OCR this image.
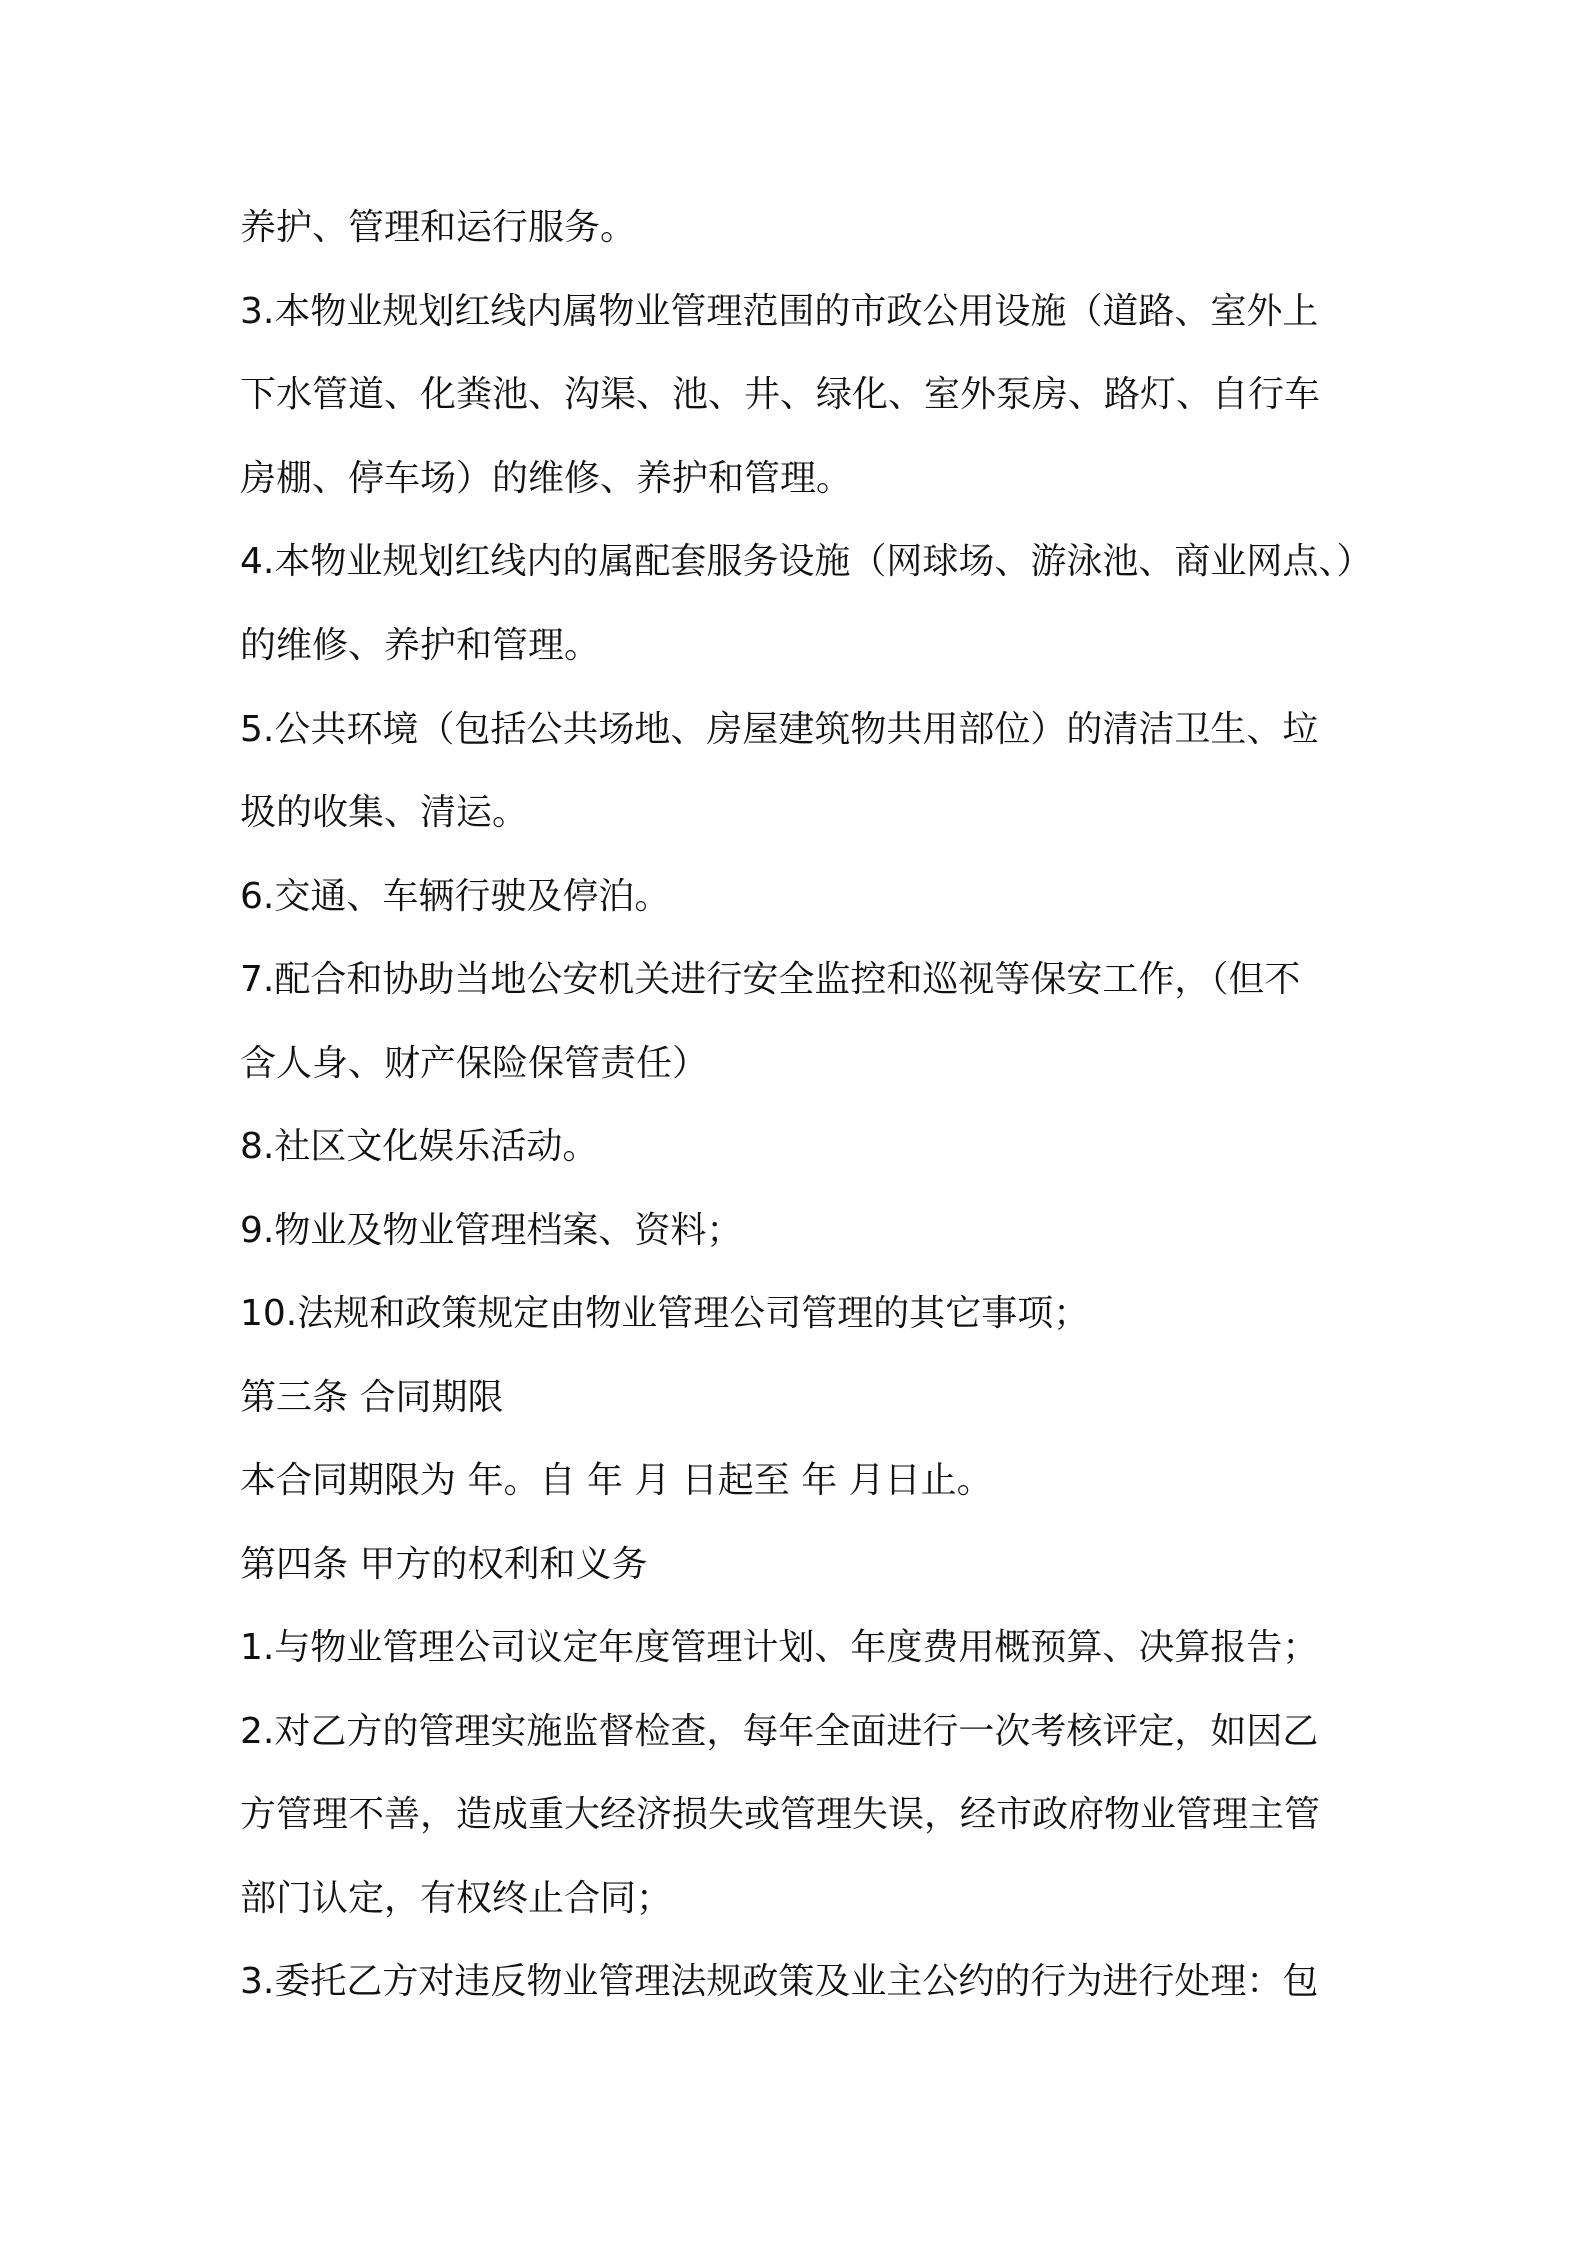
养护、管理和运行服务。
3.本物业规划红线内属物业管理范围的市政公用设施（道路、室外上
下水管道、化粪池、沟渠、池、井、绿化、室外泵房、路灯、自行车
房棚、停车场）的维修、养护和管理。
4.本物业规划红线内的属配套服务设施（网球场、游泳池、商业网点、）
的维修、养护和管理。
5.公共环境（包括公共场地、房屋建筑物共用部位）的清洁卫生、垃
圾的收集、清运。
6.交通、车辆行驶及停泊。
7.配合和协助当地公安机关进行安全监控和巡视等保安工作，（但不
含人身、财产保险保管责任）
8.社区文化娱乐活动。
9.物业及物业管理档案、资料；
10.法规和政策规定由物业管理公司管理的其它事项；
第三条 合同期限
本合同期限为 年。自 年 月 日起至 年 月日止。
第四条 甲方的权利和义务
1.与物业管理公司议定年度管理计划、年度费用概预算、决算报告；
2.对乙方的管理实施监督检查，每年全面进行一次考核评定，如因乙
方管理不善，造成重大经济损失或管理失误，经市政府物业管理主管
部门认定，有权终止合同；
3.委托乙方对违反物业管理法规政策及业主公约的行为进行处理：包
